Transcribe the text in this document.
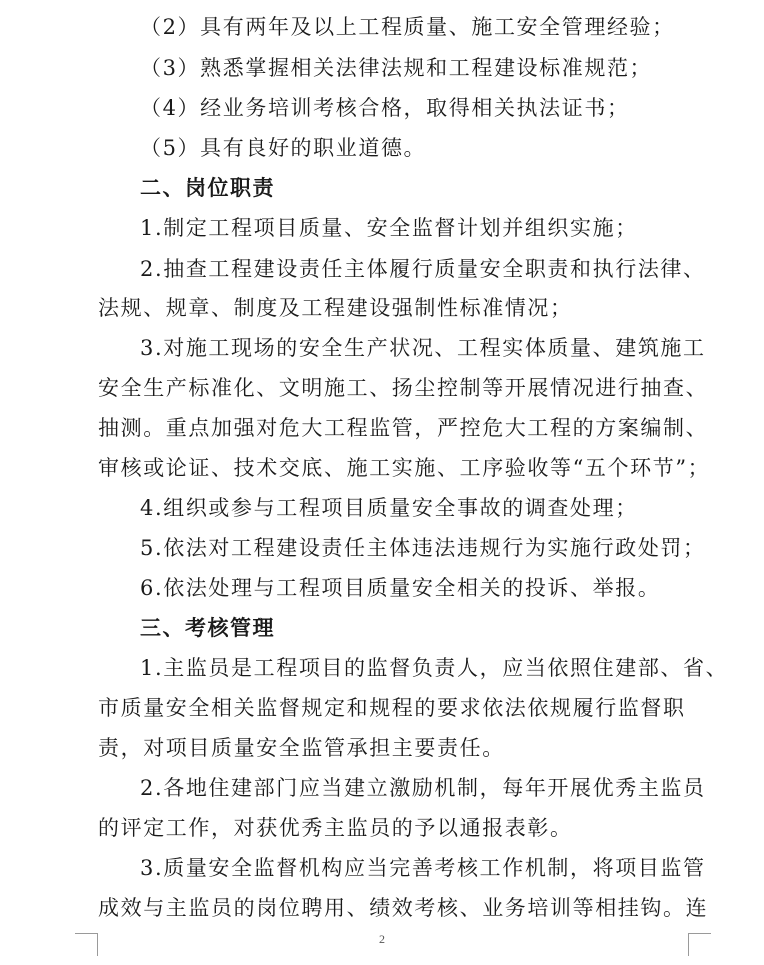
（2）具有两年及以上工程质量、施工安全管理经验；
（3）熟悉掌握相关法律法规和工程建设标准规范；
（4）经业务培训考核合格，取得相关执法证书；
（5）具有良好的职业道德。
二、岗位职责
1.制定工程项目质量、安全监督计划并组织实施；
2.抽查工程建设责任主体履行质量安全职责和执行法律、
法规、规章、制度及工程建设强制性标准情况；
3.对施工现场的安全生产状况、工程实体质量、建筑施工
安全生产标准化、文明施工、扬尘控制等开展情况进行抽查、
抽测。重点加强对危大工程监管，严控危大工程的方案编制、
审核或论证、技术交底、施工实施、工序验收等“五个环节”；
4.组织或参与工程项目质量安全事故的调查处理；
5.依法对工程建设责任主体违法违规行为实施行政处罚；
6.依法处理与工程项目质量安全相关的投诉、举报。
三、考核管理
1.主监员是工程项目的监督负责人，应当依照住建部、省、
市质量安全相关监督规定和规程的要求依法依规履行监督职
责，对项目质量安全监管承担主要责任。
2.各地住建部门应当建立激励机制，每年开展优秀主监员
的评定工作，对获优秀主监员的予以通报表彰。
3.质量安全监督机构应当完善考核工作机制，将项目监管
成效与主监员的岗位聘用、绩效考核、业务培训等相挂钩。连
2
